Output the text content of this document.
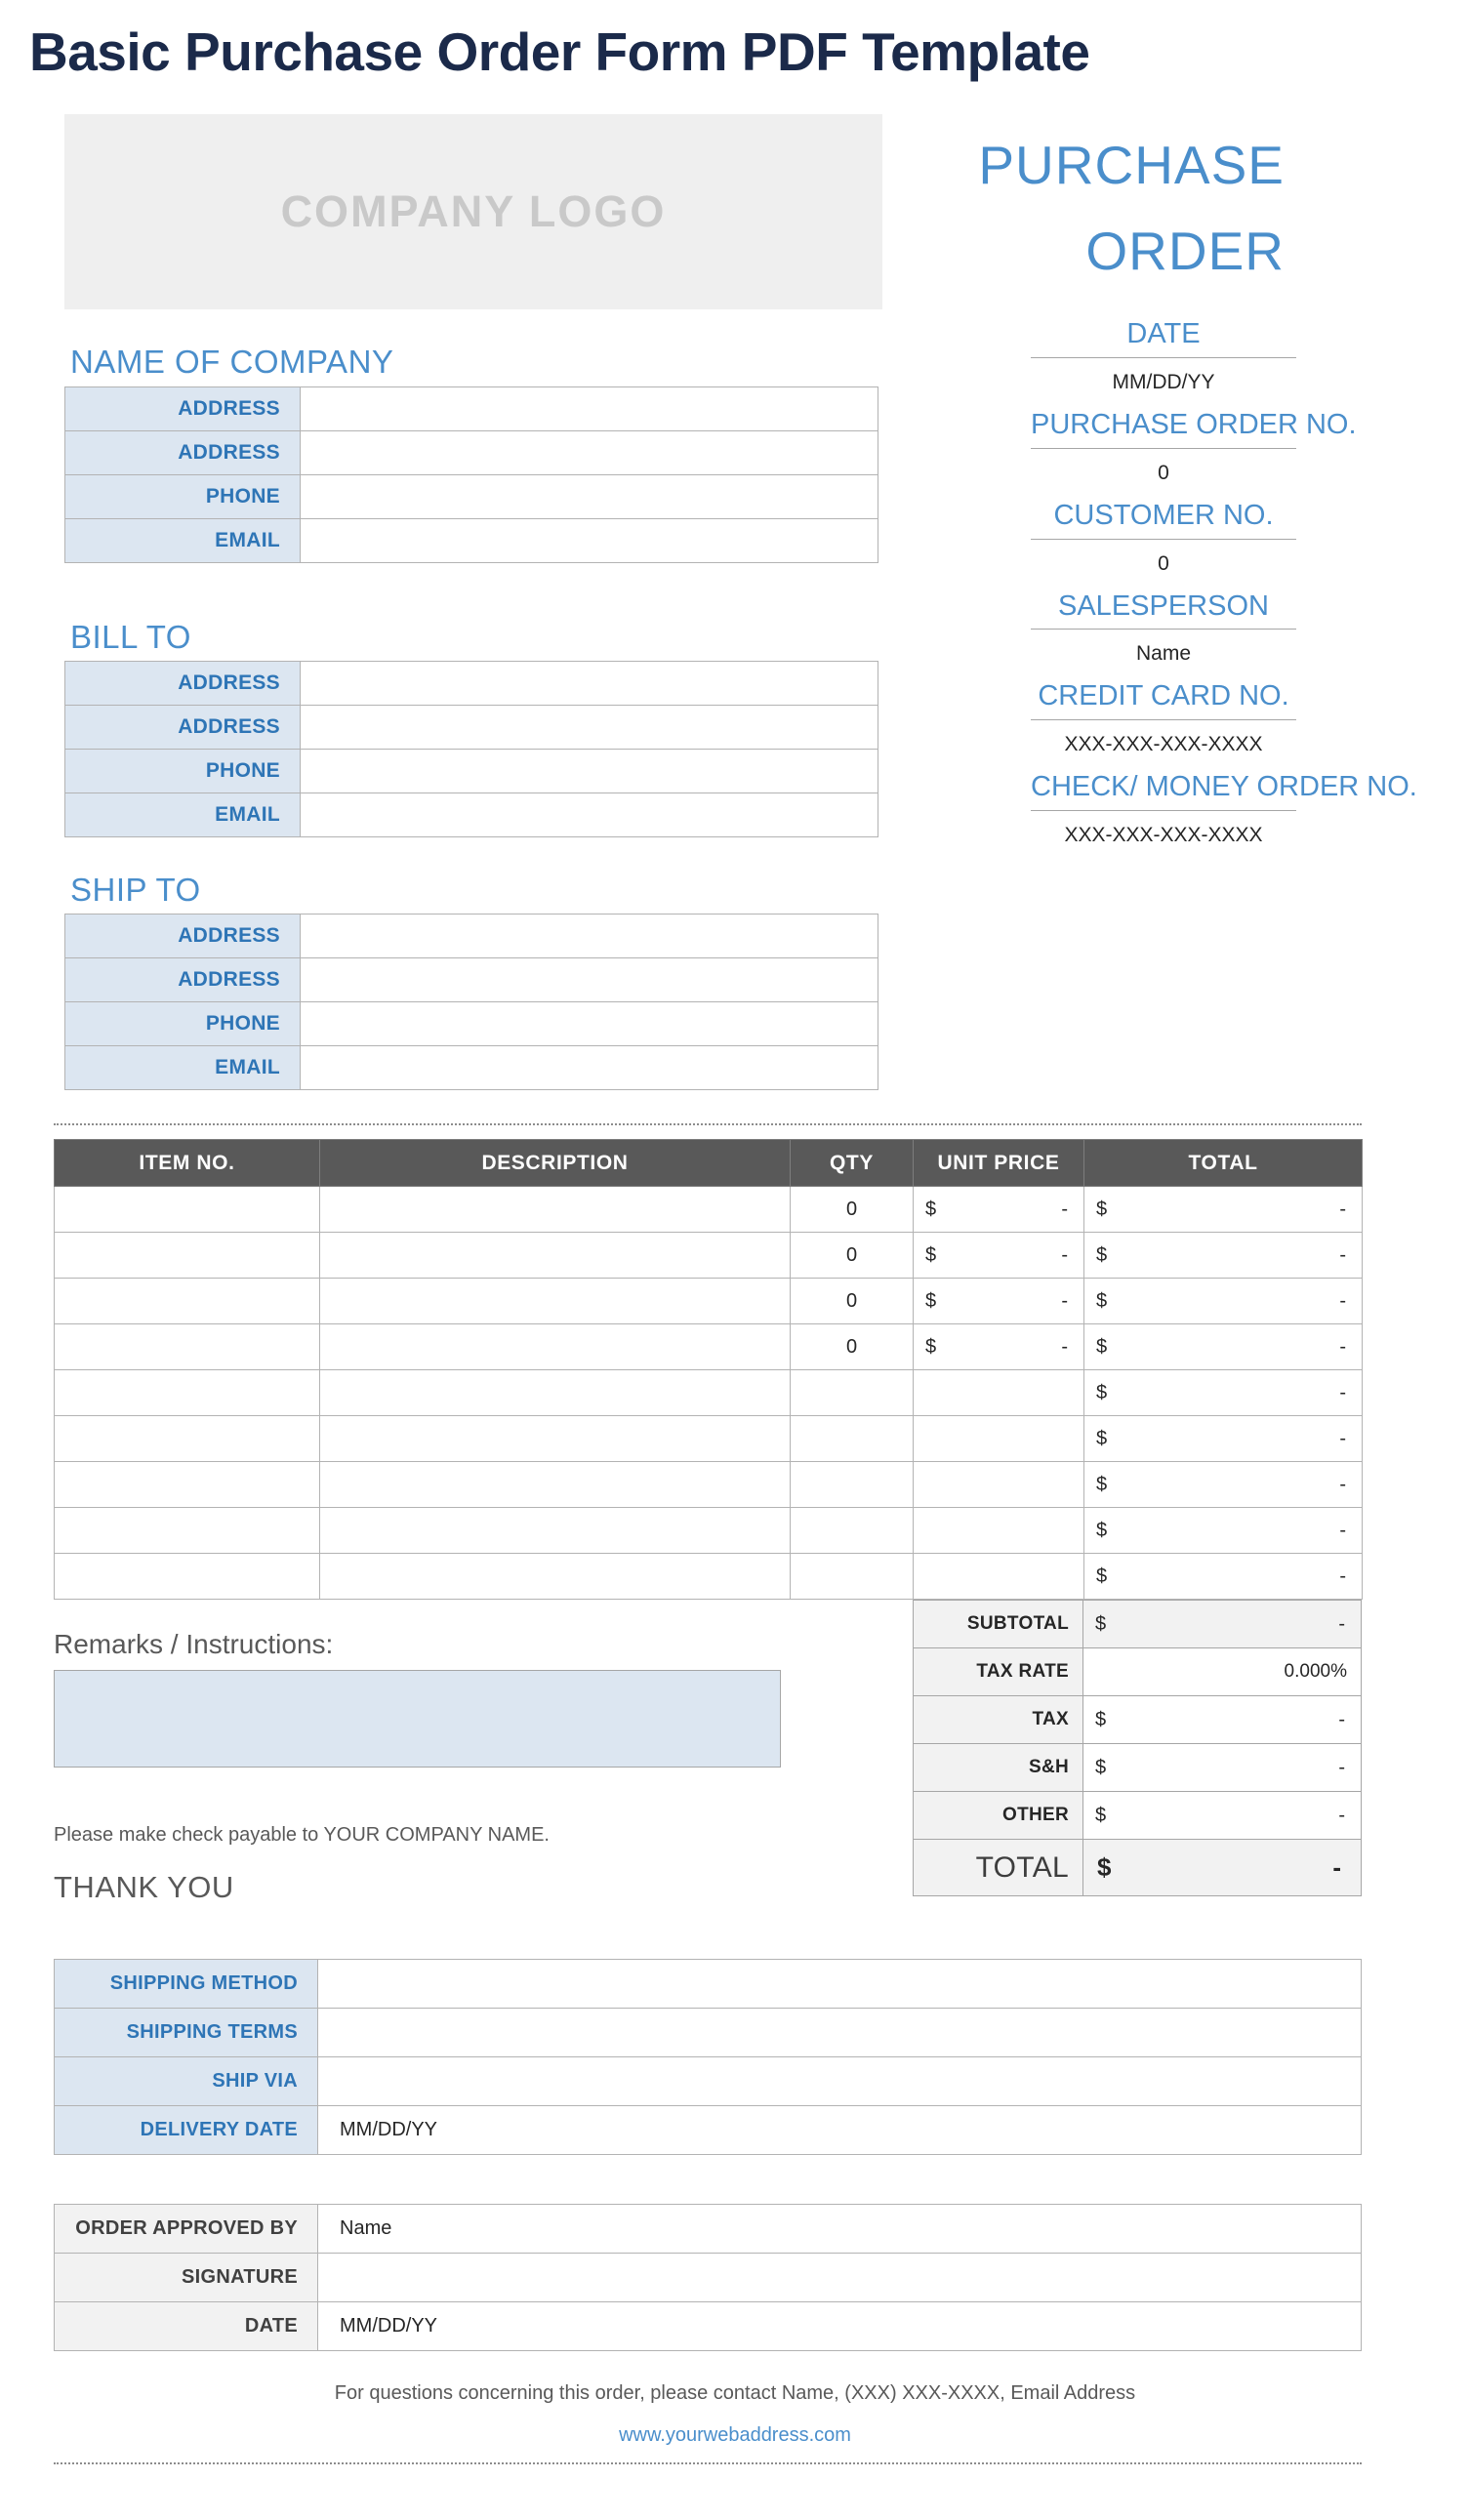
Basic Purchase Order Form PDF Template
COMPANY LOGO
NAME OF COMPANY
ADDRESS	
ADDRESS	
PHONE	
EMAIL	
BILL TO
ADDRESS	
ADDRESS	
PHONE	
EMAIL	
SHIP TO
ADDRESS	
ADDRESS	
PHONE	
EMAIL	
PURCHASE
ORDER
DATE
MM/DD/YY
PURCHASE ORDER NO.
0
CUSTOMER NO.
0
SALESPERSON
Name
CREDIT CARD NO.
XXX-XXX-XXX-XXXX
CHECK/ MONEY ORDER NO.
XXX-XXX-XXX-XXXX
ITEM NO.	DESCRIPTION	QTY	UNIT PRICE	TOTAL
		0	$ -	$ -

		0	$ -	$ -

		0	$ -	$ -

		0	$ -	$ -

				$ -

				$ -

				$ -

				$ -

				$ -
Remarks / Instructions:
Please make check payable to YOUR COMPANY NAME.
THANK YOU
SUBTOTAL	$ -

TAX RATE	0.000%
TAX	$ -

S&H	$ -

OTHER	$ -

TOTAL	$ -
SHIPPING METHOD	
SHIPPING TERMS	
SHIP VIA	
DELIVERY DATE	MM/DD/YY
ORDER APPROVED BY	Name
SIGNATURE	
DATE	MM/DD/YY
For questions concerning this order, please contact Name, (XXX) XXX-XXXX, Email Address
www.yourwebaddress.com
